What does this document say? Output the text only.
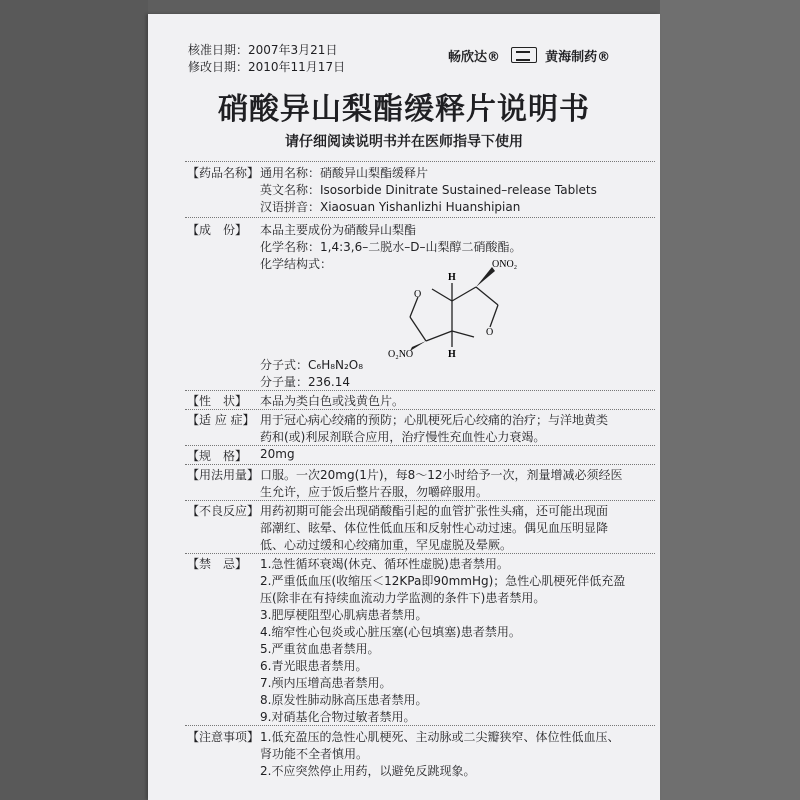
核准日期：2007年3月21日
修改日期：2010年11月17日
畅欣达®	黄海制药®
硝酸异山梨酯缓释片说明书
请仔细阅读说明书并在医师指导下使用
【药品名称】 通用名称：硝酸异山梨酯缓释片
英文名称：Isosorbide Dinitrate Sustained–release Tablets
汉语拼音：Xiaosuan Yishanlizhi Huanshipian
【成　份】 本品主要成份为硝酸异山梨酯
化学名称：1,4:3,6–二脱水–D–山梨醇二硝酸酯。
化学结构式：
H
ONO₂
H
O₂NO
O
O
分子式：C₆H₈N₂O₈
分子量：236.14
【性　状】 本品为类白色或浅黄色片。
【适 应 症】 用于冠心病心绞痛的预防；心肌梗死后心绞痛的治疗；与洋地黄类
药和(或)利尿剂联合应用，治疗慢性充血性心力衰竭。
【规　格】 20mg
【用法用量】 口服。一次20mg(1片)，每8～12小时给予一次，剂量增减必须经医
生允许，应于饭后整片吞服，勿嚼碎服用。
【不良反应】 用药初期可能会出现硝酸酯引起的血管扩张性头痛，还可能出现面
部潮红、眩晕、体位性低血压和反射性心动过速。偶见血压明显降
低、心动过缓和心绞痛加重，罕见虚脱及晕厥。
【禁　忌】 1.急性循环衰竭(休克、循环性虚脱)患者禁用。
2.严重低血压(收缩压＜12KPa即90mmHg)；急性心肌梗死伴低充盈
压(除非在有持续血流动力学监测的条件下)患者禁用。
3.肥厚梗阻型心肌病患者禁用。
4.缩窄性心包炎或心脏压塞(心包填塞)患者禁用。
5.严重贫血患者禁用。
6.青光眼患者禁用。
7.颅内压增高患者禁用。
8.原发性肺动脉高压患者禁用。
9.对硝基化合物过敏者禁用。
【注意事项】 1.低充盈压的急性心肌梗死、主动脉或二尖瓣狭窄、体位性低血压、
肾功能不全者慎用。
2.不应突然停止用药，以避免反跳现象。
